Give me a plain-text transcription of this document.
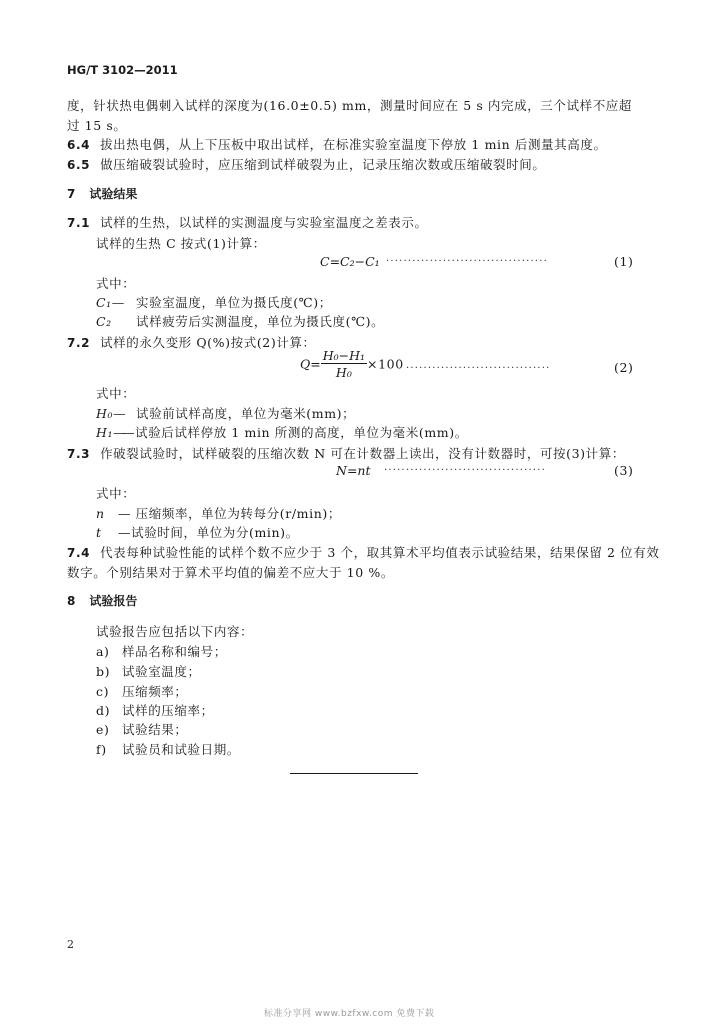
HG/T 3102—2011
度，针状热电偶刺入试样的深度为(16.0±0.5) mm，测量时间应在 5 s 内完成，三个试样不应超
过 15 s。
6.4 拔出热电偶，从上下压板中取出试样，在标准实验室温度下停放 1 min 后测量其高度。
6.5 做压缩破裂试验时，应压缩到试样破裂为止，记录压缩次数或压缩破裂时间。
7 试验结果
7.1 试样的生热，以试样的实测温度与实验室温度之差表示。
试样的生热 C 按式(1)计算：
C=C₂−C₁ ·····································	(1)
式中：
C₁— 实验室温度，单位为摄氏度(℃)；
C₂ 试样疲劳后实测温度，单位为摄氏度(℃)。
7.2 试样的永久变形 Q(%)按式(2)计算：
$Q= \frac{\text{H₀−H₁}}{\text{H₀}} \times 100$ ·································	(2)
式中：
H₀— 试验前试样高度，单位为毫米(mm)；
H₁——试验后试样停放 1 min 所测的高度，单位为毫米(mm)。
7.3 作破裂试验时，试样破裂的压缩次数 N 可在计数器上读出，没有计数器时，可按(3)计算：
N=nt ·····································	(3)
式中：
n — 压缩频率，单位为转每分(r/min)；
t —试验时间，单位为分(min)。
7.4 代表每种试验性能的试样个数不应少于 3 个，取其算术平均值表示试验结果，结果保留 2 位有效
数字。个别结果对于算术平均值的偏差不应大于 10 %。
8 试验报告
试验报告应包括以下内容：
a) 样品名称和编号；
b) 试验室温度；
c) 压缩频率；
d) 试样的压缩率；
e) 试验结果；
f) 试验员和试验日期。
2
标准分享网 www.bzfxw.com 免费下载
